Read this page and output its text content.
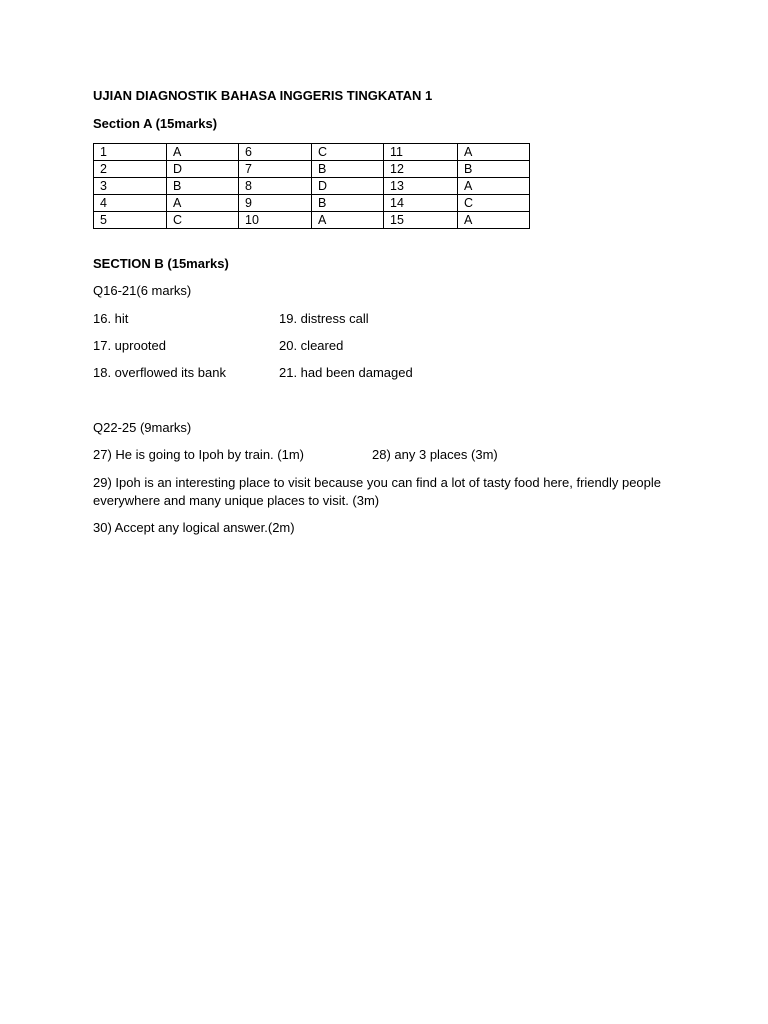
UJIAN DIAGNOSTIK BAHASA INGGERIS TINGKATAN 1
Section A (15marks)
1	A	6	C	11	A
2	D	7	B	12	B
3	B	8	D	13	A
4	A	9	B	14	C
5	C	10	A	15	A
SECTION B (15marks)
Q16-21(6 marks)
16. hit	19. distress call
17. uprooted	20. cleared
18. overflowed its bank	21. had been damaged
Q22-25 (9marks)
27) He is going to Ipoh by train. (1m)	28) any 3 places (3m)
29) Ipoh is an interesting place to visit because you can find a lot of tasty food here, friendly people everywhere and many unique places to visit. (3m)
30) Accept any logical answer.(2m)
